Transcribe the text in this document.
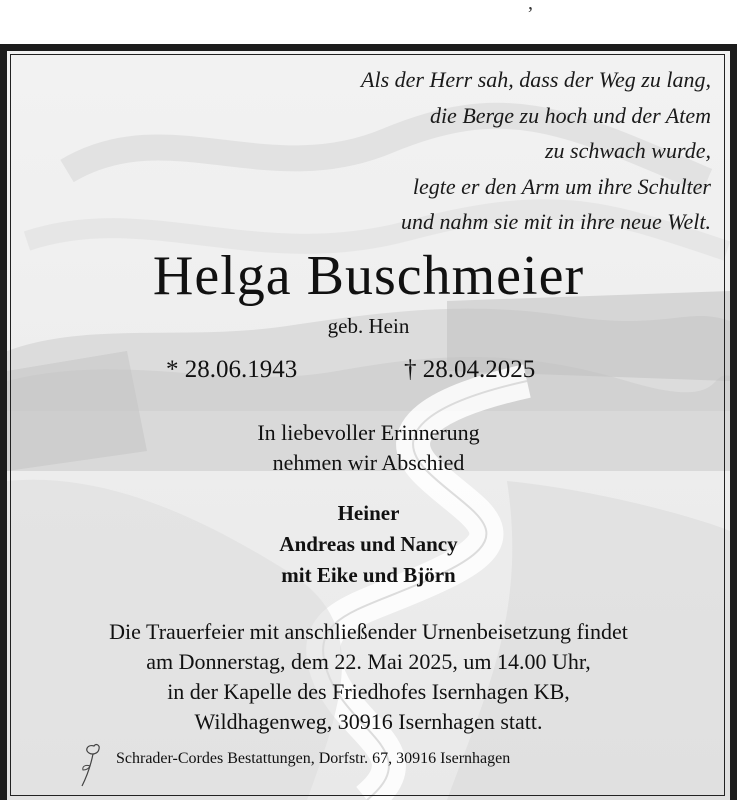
,
Als der Herr sah, dass der Weg zu lang,
die Berge zu hoch und der Atem
zu schwach wurde,
legte er den Arm um ihre Schulter
und nahm sie mit in ihre neue Welt.
Helga Buschmeier
geb. Hein
* 28.06.1943	† 28.04.2025
In liebevoller Erinnerung
nehmen wir Abschied
Heiner
Andreas und Nancy
mit Eike und Björn
Die Trauerfeier mit anschließender Urnenbeisetzung findet
am Donnerstag, dem 22. Mai 2025, um 14.00 Uhr,
in der Kapelle des Friedhofes Isernhagen KB,
Wildhagenweg, 30916 Isernhagen statt.
Schrader-Cordes Bestattungen, Dorfstr. 67, 30916 Isernhagen
